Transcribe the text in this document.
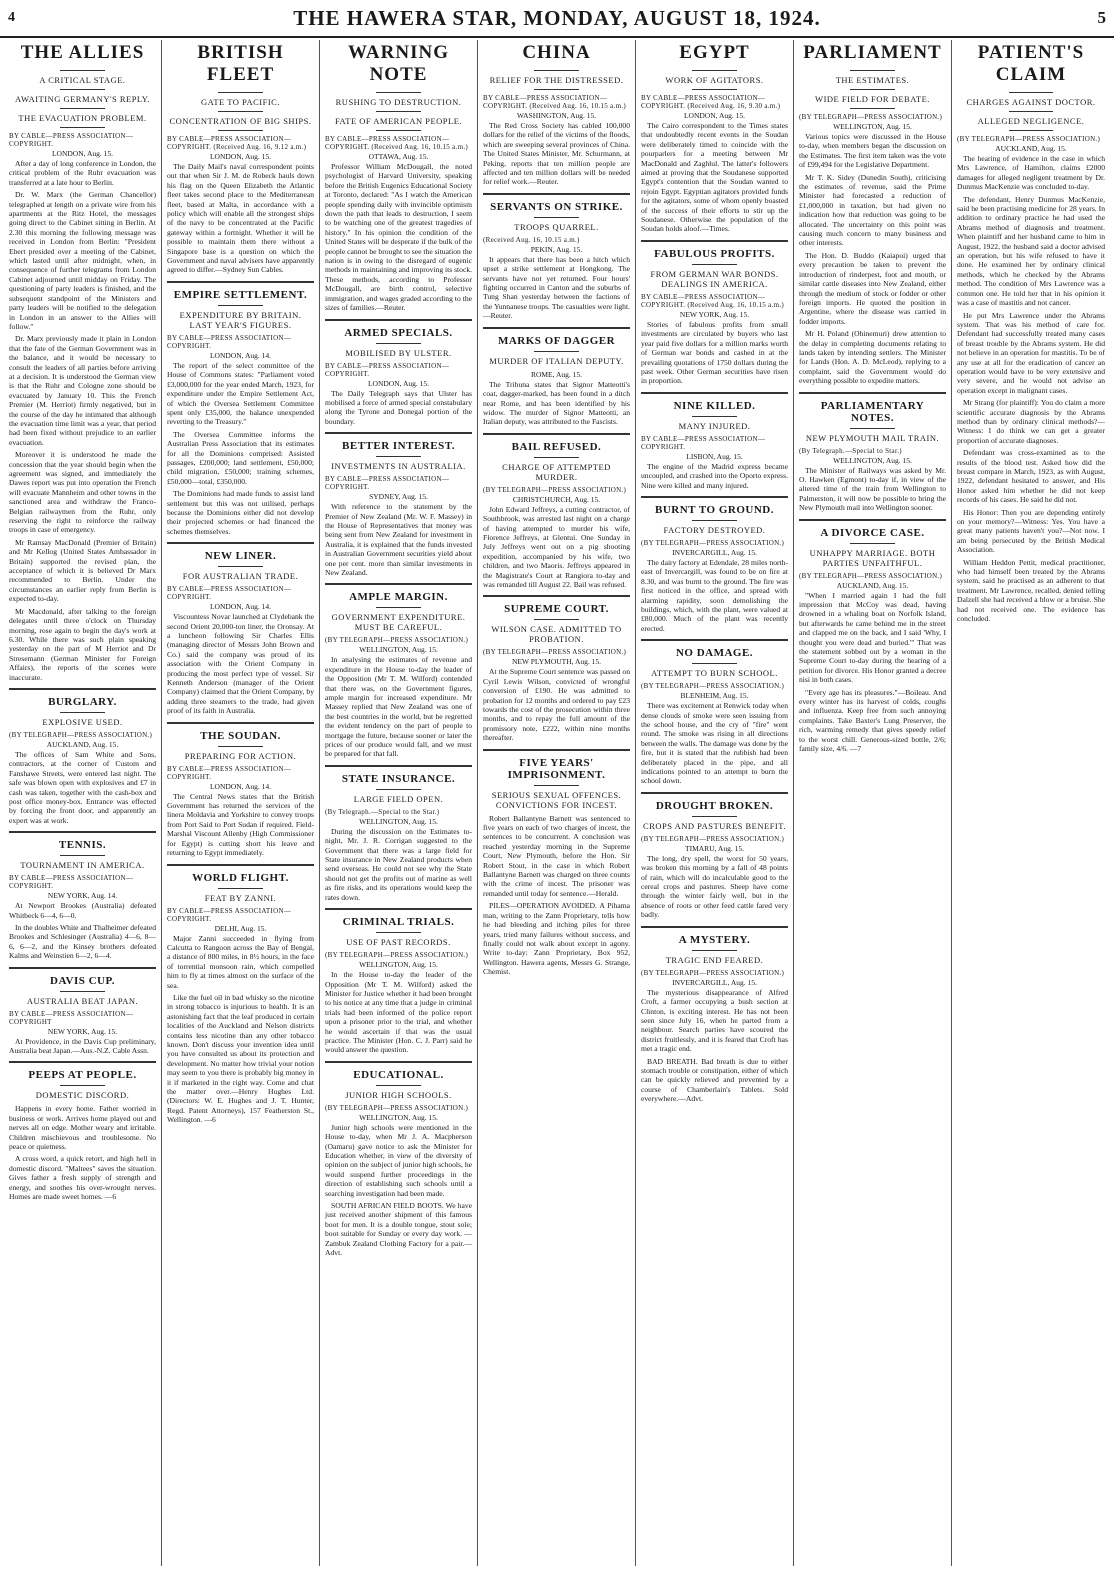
4	THE HAWERA STAR, MONDAY, AUGUST 18, 1924.	5
THE ALLIES
A CRITICAL STAGE.
AWAITING GERMANY'S REPLY.
THE EVACUATION PROBLEM.
BY CABLE—PRESS ASSOCIATION—COPYRIGHT.
LONDON, Aug. 15.

After a day of long conference in London, the critical problem of the Ruhr evacuation was transferred at a late hour to Berlin.

Dr. W. Marx (the German Chancellor) telegraphed at length on a private wire from his apartments at the Ritz Hotel, the messages going direct to the Cabinet sitting in Berlin. At 2.30 this morning the following message was received in London from Berlin: "President Ebert presided over a meeting of the Cabinet, which lasted until after midnight, when, in consequence of further telegrams from London Cabinet adjourned until midday on Friday. The questioning of party leaders is finished, and the subsequent standpoint of the Ministers and party leaders will be notified to the delegation in London in an answer to the Allies will follow."

Dr. Marx previously made it plain in London that the fate of the German Government was in the balance, and it would be necessary to consult the leaders of all parties before arriving at a decision. It is understood the German view is that the Ruhr and Cologne zone should be evacuated by January 10. This the French Premier (M. Herriot) firmly negatived, but in the course of the day he intimated that although the evacuation time limit was a year, that period had been fixed without prejudice to an earlier evacuation.

Moreover it is understood he made the concession that the year should begin when the agreement was signed, and immediately the Dawes report was put into operation the French will evacuate Mannheim and other towns in the sanctioned area and withdraw the Franco-Belgian railwaymen from the Ruhr, only reserving the right to reinforce the railway troops in case of emergency.

Mr Ramsay MacDonald (Premier of Britain) and Mr Kellog (United States Ambassador in Britain) supported the revised plan, the acceptance of which it is believed Dr Marx recommended to Berlin. Under the circumstances an earlier reply from Berlin is expected to-day.

Mr Macdonald, after talking to the foreign delegates until three o'clock on Thursday morning, rose again to begin the day's work at 6.30. While there was such plain speaking yesterday on the part of M Herriot and Dr Stresemann (German Minister for Foreign Affairs), the reports of the scenes were inaccurate.

BURGLARY.
EXPLOSIVE USED.
(BY TELEGRAPH—PRESS ASSOCIATION.)
AUCKLAND, Aug. 15.

The offices of Sam White and Sons, contractors, at the corner of Custom and Fanshawe Streets, were entered last night. The safe was blown open with explosives and £7 in cash was taken, together with the cash-box and post office money-box. Entrance was effected by forcing the front door, and apparently an expert was at work.

TENNIS.
TOURNAMENT IN AMERICA.
BY CABLE—PRESS ASSOCIATION—COPYRIGHT.
NEW YORK, Aug. 14.

At Newport Brookes (Australia) defeated Whitbeck 6—4, 6—0.

In the doubles White and Thalheimer defeated Brookes and Schlesinger (Australia) 4—6, 8—6, 6—2, and the Kinsey brothers defeated Kalms and Weinstien 6—2, 6—4.

DAVIS CUP.
AUSTRALIA BEAT JAPAN.
BY CABLE—PRESS ASSOCIATION—COPYRIGHT
NEW YORK, Aug. 15.

At Providence, in the Davis Cup preliminary, Australia beat Japan.—Aus.-N.Z. Cable Assn.

PEEPS AT PEOPLE.
DOMESTIC DISCORD.

Happens in every home. Father worried in business or work. Arrives home played out and nerves all on edge. Mother weary and irritable. Children mischievous and troublesome. No peace or quietness.

A cross word, a quick retort, and high hell in domestic discord. "Maltees" saves the situation. Gives father a fresh supply of strength and energy, and soothes his over-wrought nerves. Homes are made sweet homes. —6

BRITISH FLEET
GATE TO PACIFIC.
CONCENTRATION OF BIG SHIPS.
BY CABLE—PRESS ASSOCIATION—COPYRIGHT. (Received Aug. 16, 9.12 a.m.)
LONDON, Aug. 15.

The Daily Mail's naval correspondent points out that when Sir J. M. de Robeck hauls down his flag on the Queen Elizabeth the Atlantic fleet takes second place to the Mediterranean fleet, based at Malta, in accordance with a policy which will enable all the strongest ships of the navy to be concentrated at the Pacific gateway within a fortnight. Whether it will be possible to maintain them there without a Singapore base is a question on which the Government and naval advisers have apparently agreed to differ.—Sydney Sun Cables.

EMPIRE SETTLEMENT.
EXPENDITURE BY BRITAIN. LAST YEAR'S FIGURES.
BY CABLE—PRESS ASSOCIATION—COPYRIGHT.
LONDON, Aug. 14.

The report of the select committee of the House of Commons states: "Parliament voted £3,000,000 for the year ended March, 1923, for expenditure under the Empire Settlement Act, of which the Oversea Settlement Committee spent only £35,000, the balance unexpended reverting to the Treasury."

The Oversea Committee informs the Australian Press Association that its estimates for all the Dominions comprised: Assisted passages, £200,000; land settlement, £50,000; child migration, £50,000; training schemes, £50,000—total, £350,000.

The Dominions had made funds to assist land settlement but this was not utilised, perhaps because the Dominions either did not develop their projected schemes or had financed the schemes themselves.

NEW LINER.
FOR AUSTRALIAN TRADE.
BY CABLE—PRESS ASSOCIATION—COPYRIGHT.
LONDON, Aug. 14.

Viscountess Novar launched at Clydebank the second Orient 20,000-ton liner, the Oronsay. At a luncheon following Sir Charles Ellis (managing director of Messrs John Brown and Co.) said the company was proud of its association with the Orient Company in producing the most perfect type of vessel. Sir Kenneth Anderson (manager of the Orient Company) claimed that the Orient Company, by adding three steamers to the trade, had given proof of its faith in Australia.

THE SOUDAN.
PREPARING FOR ACTION.
BY CABLE—PRESS ASSOCIATION—COPYRIGHT.
LONDON, Aug. 14.

The Central News states that the British Government has returned the services of the linera Moldavia and Yorkshire to convey troops from Port Said to Port Sudan if required. Field-Marshal Viscount Allenby (High Commissioner for Egypt) is cutting short his leave and returning to Egypt immediately.

WORLD FLIGHT.
FEAT BY ZANNI.
BY CABLE—PRESS ASSOCIATION—COPYRIGHT.
DELHI, Aug. 15.

Major Zanni succeeded in flying from Calcutta to Rangoon across the Bay of Bengal, a distance of 800 miles, in 8½ hours, in the face of torrential monsoon rain, which compelled him to fly at times almost on the surface of the sea.

Like the fuel oil in bad whisky so the nicotine in strong tobacco is injurious to health. It is an astonishing fact that the leaf produced in certain localities of the Auckland and Nelson districts contains less nicotine than any other tobacco known. Don't discuss your invention idea until you have consulted us about its protection and development. No matter how trivial your notion may seem to you there is probably big money in it if marketed in the right way. Come and chat the matter over.—Henry Hughes Ltd. (Directors: W. E. Hughes and J. T. Hunter, Regd. Patent Attorneys), 157 Featherston St., Wellington. —6

WARNING NOTE
RUSHING TO DESTRUCTION.
FATE OF AMERICAN PEOPLE.
BY CABLE—PRESS ASSOCIATION—COPYRIGHT. (Received Aug. 16, 10.15 a.m.)
OTTAWA, Aug. 15.

Professor William McDougall, the noted psychologist of Harvard University, speaking before the British Eugenics Educational Society at Toronto, declared: "As I watch the American people spending daily with invincible optimism down the path that leads to destruction, I seem to be watching one of the greatest tragedies of history." In his opinion the condition of the United States will be desperate if the bulk of the people cannot be brought to see the situation the nation is in owing to the disregard of eugenic methods in maintaining and improving its stock. These methods, according to Professor McDougall, are birth control, selective immigration, and wages graded according to the sizes of families.—Reuter.

ARMED SPECIALS.
MOBILISED BY ULSTER.
BY CABLE—PRESS ASSOCIATION—COPYRIGHT.
LONDON, Aug. 15.

The Daily Telegraph says that Ulster has mobilised a force of armed special constabulary along the Tyrone and Donegal portion of the boundary.

BETTER INTEREST.
INVESTMENTS IN AUSTRALIA.
BY CABLE—PRESS ASSOCIATION—COPYRIGHT.
SYDNEY, Aug. 15.

With reference to the statement by the Premier of New Zealand (Mr. W. F. Massey) in the House of Representatives that money was being sent from New Zealand for investment in Australia, it is explained that the funds invested in Australian Government securities yield about one per cent. more than similar investments in New Zealand.

AMPLE MARGIN.
GOVERNMENT EXPENDITURE. MUST BE CAREFUL.
(BY TELEGRAPH—PRESS ASSOCIATION.)
WELLINGTON, Aug. 15.

In analysing the estimates of revenue and expenditure in the House to-day the leader of the Opposition (Mr T. M. Wilford) contended that there was, on the Government figures, ample margin for increased expenditure. Mr Massey replied that New Zealand was one of the best countries in the world, but he regretted the evident tendency on the part of people to mortgage the future, because sooner or later the prices of our produce would fall, and we must be prepared for that fall.

STATE INSURANCE.
LARGE FIELD OPEN.
(By Telegraph.—Special to the Star.)
WELLINGTON, Aug. 15.

During the discussion on the Estimates to-night, Mr. J. R. Corrigan suggested to the Government that there was a large field for State insurance in New Zealand products when send overseas. He could not see why the State should not get the profits out of marine as well as fire risks, and its operations would keep the rates down.

CRIMINAL TRIALS.
USE OF PAST RECORDS.
(BY TELEGRAPH—PRESS ASSOCIATION.)
WELLINGTON, Aug. 15.

In the House to-day the leader of the Opposition (Mr T. M. Wilford) asked the Minister for Justice whether it had been brought to his notice at any time that a judge in criminal trials had been informed of the police report upon a prisoner prior to the trial, and whether he would ascertain if that was the usual practice. The Minister (Hon. C. J. Parr) said he would answer the question.

EDUCATIONAL.
JUNIOR HIGH SCHOOLS.
(BY TELEGRAPH—PRESS ASSOCIATION.)
WELLINGTON, Aug. 15.

Junior high schools were mentioned in the House to-day, when Mr J. A. Macpherson (Oamaru) gave notice to ask the Minister for Education whether, in view of the diversity of opinion on the subject of junior high schools, he would suspend further proceedings in the direction of establishing such schools until a searching investigation had been made.

SOUTH AFRICAN FIELD BOOTS. We have just received another shipment of this famous boot for men. It is a double tongue, stout sole; boot suitable for Sunday or every day work. —Zambuk Zealand Clothing Factory for a pair.—Advt.

CHINA
RELIEF FOR THE DISTRESSED.
BY CABLE—PRESS ASSOCIATION—COPYRIGHT. (Received Aug. 16, 10.15 a.m.)
WASHINGTON, Aug. 15.

The Red Cross Society has cabled 100,000 dollars for the relief of the victims of the floods, which are sweeping several provinces of China. The United States Minister, Mr. Schurmann, at Peking, reports that ten million people are affected and ten million dollars will be needed for relief work.—Reuter.

SERVANTS ON STRIKE.
TROOPS QUARREL.
(Received Aug. 16, 10.15 a.m.)
PEKIN, Aug. 15.

It appears that there has been a hitch which upset a strike settlement at Hongkong. The servants have not yet returned. Four hours' fighting occurred in Canton and the suburbs of Tung Shan yesterday between the factions of the Yunnanese troops. The casualties were light.—Reuter.

MARKS OF DAGGER
MURDER OF ITALIAN DEPUTY.
ROME, Aug. 15.

The Tribuna states that Signor Matteotti's coat, dagger-marked, has been found in a ditch near Rome, and has been identified by his widow. The murder of Signor Matteotti, an Italian deputy, was attributed to the Fascists.

BAIL REFUSED.
CHARGE OF ATTEMPTED MURDER.
(BY TELEGRAPH—PRESS ASSOCIATION.)
CHRISTCHURCH, Aug. 15.

John Edward Jeffreys, a cutting contractor, of Southbrook, was arrested last night on a charge of having attempted to murder his wife, Florence Jeffreys, at Glentui. One Sunday in July Jeffreys went out on a pig shooting expedition, accompanied by his wife, two children, and two Maoris. Jeffreys appeared in the Magistrate's Court at Rangiora to-day and was remanded till August 22. Bail was refused.

SUPREME COURT.
WILSON CASE. ADMITTED TO PROBATION.
(BY TELEGRAPH—PRESS ASSOCIATION.)
NEW PLYMOUTH, Aug. 15.

At the Supreme Court sentence was passed on Cyril Lewis Wilson, convicted of wrongful conversion of £190. He was admitted to probation for 12 months and ordered to pay £23 towards the cost of the prosecution within three months, and to repay the full amount of the promissory note, £222, within nine months thereafter.

FIVE YEARS' IMPRISONMENT.
SERIOUS SEXUAL OFFENCES. CONVICTIONS FOR INCEST.

Robert Ballantyne Barnett was sentenced to five years on each of two charges of incest, the sentences to be concurrent. A conclusion was reached yesterday morning in the Supreme Court, New Plymouth, before the Hon. Sir Robert Stout, in the case in which Robert Ballantyne Barnett was charged on three counts with the crime of incest. The prisoner was remanded until today for sentence.—Herald.

PILES—OPERATION AVOIDED. A Pihama man, writing to the Zann Proprietary, tells how he had bleeding and itching piles for three years, tried many failures without success, and finally could not walk about except in agony. Write to-day: Zann Proprietary, Box 952, Wellington. Hawera agents, Messrs G. Strange, Chemist.

EGYPT
WORK OF AGITATORS.
BY CABLE—PRESS ASSOCIATION—COPYRIGHT. (Received Aug. 16, 9.30 a.m.)
LONDON, Aug. 15.

The Cairo correspondent to the Times states that undoubtedly recent events in the Soudan were deliberately timed to coincide with the pourparlers for a meeting between Mr MacDonald and Zaghlul. The latter's followers aimed at proving that the Soudanese supported Egypt's contention that the Soudan wanted to rejoin Egypt. Egyptian agitators provided funds for the agitators, some of whom openly boasted of the success of their efforts to stir up the Soudanese. Otherwise the population of the Soudan holds aloof.—Times.

FABULOUS PROFITS.
FROM GERMAN WAR BONDS. DEALINGS IN AMERICA.
BY CABLE—PRESS ASSOCIATION—COPYRIGHT. (Received Aug. 16, 10.15 a.m.)
NEW YORK, Aug. 15.

Stories of fabulous profits from small investments are circulated by buyers who last year paid five dollars for a million marks worth of German war bonds and cashed in at the prevailing quotations of 1750 dollars during the past week. Other German securities have risen in proportion.

NINE KILLED.
MANY INJURED.
BY CABLE—PRESS ASSOCIATION—COPYRIGHT.
LISBON, Aug. 15.

The engine of the Madrid express became uncoupled, and crashed into the Oporto express. Nine were killed and many injured.

BURNT TO GROUND.
FACTORY DESTROYED.
(BY TELEGRAPH—PRESS ASSOCIATION.)
INVERCARGILL, Aug. 15.

The dairy factory at Edendale, 28 miles north-east of Invercargill, was found to be on fire at 8.30, and was burnt to the ground. The fire was first noticed in the office, and spread with alarming rapidity, soon demolishing the buildings, which, with the plant, were valued at £80,000. Much of the plant was recently erected.

NO DAMAGE.
ATTEMPT TO BURN SCHOOL.
(BY TELEGRAPH—PRESS ASSOCIATION.)
BLENHEIM, Aug. 15.

There was excitement at Renwick today when dense clouds of smoke were seen issuing from the school house, and the cry of "fire" went round. The smoke was rising in all directions between the walls. The damage was done by the fire, but it is stated that the rubbish had been deliberately placed in the pipe, and all indications pointed to an attempt to burn the school down.

DROUGHT BROKEN.
CROPS AND PASTURES BENEFIT.
(BY TELEGRAPH—PRESS ASSOCIATION.)
TIMARU, Aug. 15.

The long, dry spell, the worst for 50 years, was broken this morning by a fall of 48 points of rain, which will do incalculable good to the cereal crops and pastures. Sheep have come through the winter fairly well, but in the absence of roots or other feed cattle fared very badly.

A MYSTERY.
TRAGIC END FEARED.
(BY TELEGRAPH—PRESS ASSOCIATION.)
INVERCARGILL, Aug. 15.

The mysterious disappearance of Alfred Croft, a farmer occupying a bush section at Clinton, is exciting interest. He has not been seen since July 16, when he parted from a neighbour. Search parties have scoured the district fruitlessly, and it is feared that Croft has met a tragic end.

BAD BREATH. Bad breath is due to either stomach trouble or constipation, either of which can be quickly relieved and prevented by a course of Chamberlain's Tablets. Sold everywhere.—Advt.

PARLIAMENT
THE ESTIMATES.
WIDE FIELD FOR DEBATE.
(BY TELEGRAPH—PRESS ASSOCIATION.)
WELLINGTON, Aug. 15.

Various topics were discussed in the House to-day, when members began the discussion on the Estimates. The first item taken was the vote of £99,494 for the Legislative Department.

Mr T. K. Sidey (Dunedin South), criticising the estimates of revenue, said the Prime Minister had forecasted a reduction of £1,000,000 in taxation, but had given no indication how that reduction was going to be allocated. The uncertainty on this point was causing much concern to many business and other interests.

The Hon. D. Buddo (Kaiapoi) urged that every precaution be taken to prevent the introduction of rinderpest, foot and mouth, or similar cattle diseases into New Zealand, either through the medium of stock or fodder or other foreign imports. He quoted the position in Argentine, where the disease was carried in fodder imports.

Mr H. Poland (Ohinemuri) drew attention to the delay in completing documents relating to lands taken by intending settlers. The Minister for Lands (Hon. A. D. McLeod), replying to a complaint, said the Government would do everything possible to expedite matters.

PARLIAMENTARY NOTES.
NEW PLYMOUTH MAIL TRAIN.
(By Telegraph.—Special to Star.)
WELLINGTON, Aug. 15.

The Minister of Railways was asked by Mr. O. Hawken (Egmont) to-day if, in view of the altered time of the train from Wellington to Palmerston, it will now be possible to bring the New Plymouth mail into Wellington sooner.

A DIVORCE CASE.
UNHAPPY MARRIAGE. BOTH PARTIES UNFAITHFUL.
(BY TELEGRAPH—PRESS ASSOCIATION.)
AUCKLAND, Aug. 15.

"When I married again I had the full impression that McCoy was dead, having drowned in a whaling boat on Norfolk Island, but afterwards he came behind me in the street and clapped me on the back, and I said 'Why, I thought you were dead and buried.'" That was the statement sobbed out by a woman in the Supreme Court to-day during the hearing of a petition for divorce. His Honor granted a decree nisi in both cases.

"Every age has its pleasures."—Boileau. And every winter has its harvest of colds, coughs and influenza. Keep free from such annoying complaints. Take Baxter's Lung Preserver, the rich, warming remedy that gives speedy relief to the worst chill. Generous-sized bottle, 2/6; family size, 4/6. —7

PATIENT'S CLAIM
CHARGES AGAINST DOCTOR.
ALLEGED NEGLIGENCE.
(BY TELEGRAPH—PRESS ASSOCIATION.)
AUCKLAND, Aug. 15.

The hearing of evidence in the case in which Mrs Lawrence, of Hamilton, claims £2000 damages for alleged negligent treatment by Dr. Dunmus MacKenzie was concluded to-day.

The defendant, Henry Dunmus MacKenzie, said he been practising medicine for 28 years. In addition to ordinary practice he had used the Abrams method of diagnosis and treatment. When plaintiff and her husband came to him in August, 1922, the husband said a doctor advised an operation, but his wife refused to have it done. He examined her by ordinary clinical methods, which he checked by the Abrams method. The condition of Mrs Lawrence was a common one. He told her that in his opinion it was a case of mastitis and not cancer.

He put Mrs Lawrence under the Abrams system. That was his method of care for. Defendant had successfully treated many cases of breast trouble by the Abrams system. He did not believe in an operation for mastitis. To be of any use at all for the eradication of cancer an operation would have to be very extensive and very severe, and he would not advise an operation except in malignant cases.

Mr Strang (for plaintiff): You do claim a more scientific accurate diagnosis by the Abrams method than by ordinary clinical methods?—Witness: I do think we can get a greater proportion of accurate diagnoses.

Defendant was cross-examined as to the results of the blood test. Asked how did the breast compare in March, 1923, as with August, 1922, defendant hesitated to answer, and His Honor asked him whether he did not keep records of his cases. He said he did not.

His Honor: Then you are depending entirely on your memory?—Witness: Yes. You have a great many patients haven't you?—Not now. I am being persecuted by the British Medical Association.

William Heddon Pettit, medical practitioner, who had himself been treated by the Abrams system, said he practised as an adherent to that treatment. Mr Lawrence, recalled, denied telling Dalzell she had received a blow or a bruise. She had not received one. The evidence has concluded.
